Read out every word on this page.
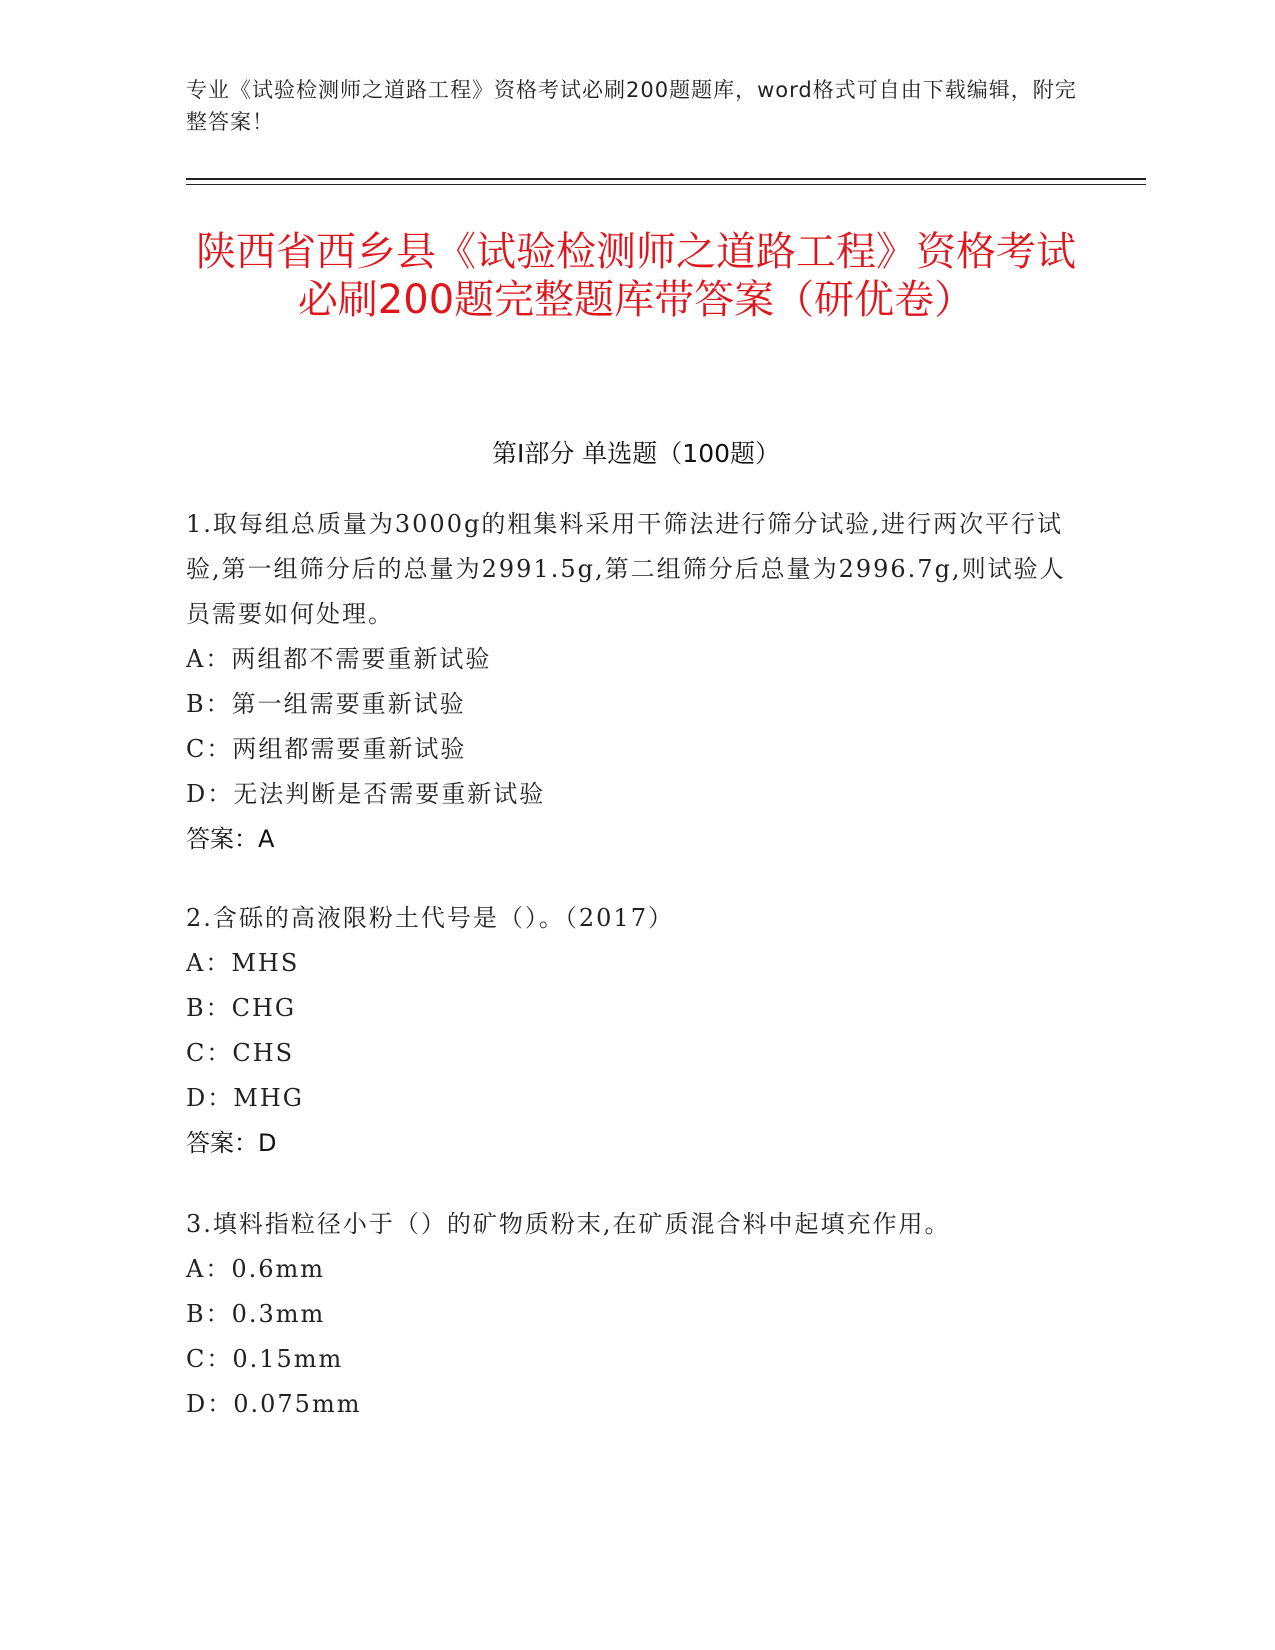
专业《试验检测师之道路工程》资格考试必刷200题题库，word格式可自由下载编辑，附完整答案！
陕西省西乡县《试验检测师之道路工程》资格考试必刷200题完整题库带答案（研优卷）
第Ⅰ部分 单选题（100题）

1.取每组总质量为3000g的粗集料采用干筛法进行筛分试验,进行两次平行试验,第一组筛分后的总量为2991.5g,第二组筛分后总量为2996.7g,则试验人员需要如何处理。

A：两组都不需要重新试验
B：第一组需要重新试验
C：两组都需要重新试验
D：无法判断是否需要重新试验
答案：A

2.含砾的高液限粉土代号是（）。（2017）

A：MHS
B：CHG
C：CHS
D：MHG
答案：D

3.填料指粒径小于（）的矿物质粉末,在矿质混合料中起填充作用。

A：0.6mm
B：0.3mm
C：0.15mm
D：0.075mm
